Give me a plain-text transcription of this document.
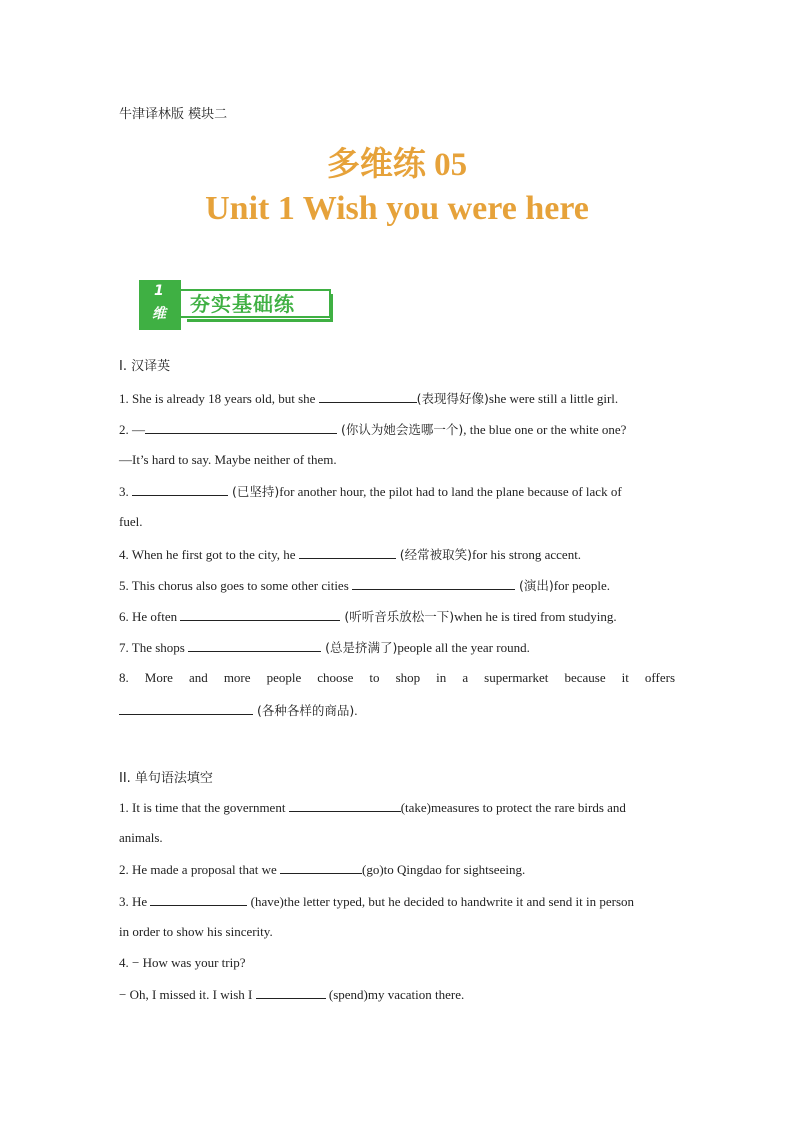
牛津译林版 模块二
多维练 05
Unit 1 Wish you were here
1
维 夯实基础练
I. 汉译英
1. She is already 18 years old, but she	(表现得好像)she were still a little girl.
2. —	(你认为她会选哪一个), the blue one or the white one?
—It’s hard to say. Maybe neither of them.
3.	(已坚持)for another hour, the pilot had to land the plane because of lack of
fuel.
4. When he first got to the city, he	(经常被取笑)for his strong accent.
5. This chorus also goes to some other cities	(演出)for people.
6. He often	(听听音乐放松一下)when he is tired from studying.
7. The shops	(总是挤满了)people all the year round.
8. More and more people choose to shop in a supermarket because it offers
(各种各样的商品).
II. 单句语法填空
1. It is time that the government	(take)measures to protect the rare birds and
animals.
2. He made a proposal that we	(go)to Qingdao for sightseeing.
3. He	(have)the letter typed, but he decided to handwrite it and send it in person
in order to show his sincerity.
4. − How was your trip?
− Oh, I missed it. I wish I	(spend)my vacation there.
